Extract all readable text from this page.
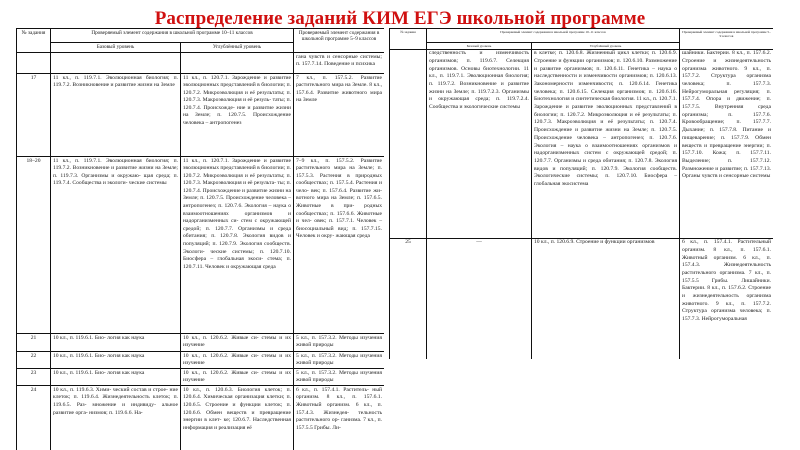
Распределение заданий КИМ ЕГЭ школьной программе
№ задания	Проверяемый элемент содержания в школьной программе 10–11 классов		Проверяемый элемент содержания в школьной программе 5–9 классов
	Базовый уровень	Углублённый уровень	
			гана чувств и сенсорные системы; п. 157.7.14. Поведение и психика
17	11 кл., п. 119.7.1. Эволюционная биология; п. 119.7.2. Возникновение и развитие жизни на Земле	11 кл., п. 120.7.1. Зарождение и развитие эволюционных представлений в биологии; п. 120.7.2. Микроэволюция и её результаты; п. 120.7.3. Макроэволюция и её резуль- таты; п. 120.7.4. Происхожде- ние и развитие жизни на Земле; п. 120.7.5. Происхождение человека – антропогенез	7 кл., п. 157.5.2. Развитие растительного мира на Земле. 8 кл., 157.6.4. Развитие животного мира на Земле
18–20	11 кл., п. 119.7.1. Эволюционная биология; п. 119.7.2. Возникновение и развитие жизни на Земле; п. 119.7.3. Организмы и окружаю- щая среда; п. 119.7.4. Сообщества и экологи- ческие системы	11 кл., п. 120.7.1. Зарождение и развитие эволюционных представлений в биологии; п. 120.7.2. Микроэволюция и её результаты; п. 120.7.3. Макроэволюция и её результа- ты; п. 120.7.4. Происхождение и развитие жизни на Земле; п. 120.7.5. Происхождение человека – антропогенез; п. 120.7.6. Экология – наука о взаимоотношениях организмов и надорганизменных си- стем с окружающей средой; п. 120.7.7. Организмы и среда обитания; п. 120.7.8. Экология видов и популяций; п. 120.7.9. Экология сообществ. Экологи- ческие системы; п. 120.7.10. Биосфера – глобальная экоси- стема; п. 120.7.11. Человек и окружающая среда	7–9 кл., п. 157.5.2. Развитие растительного мира на Земле; п. 157.5.3. Растения в природных сообществах; п. 157.5.4. Растения и чело- век; п. 157.6.4. Развитие жи- вотного мира на Земле; п. 157.6.5. Животные в при- родных сообществах; п. 157.6.6. Животные и чел- овек; п. 157.7.1. Человек – биосоциальный вид; п. 157.7.15. Человек и окру- жающая среда
21	10 кл., п. 119.6.1. Био- логия как наука	10 кл., п. 120.6.2. Живые си- стемы и их изучение	5 кл., п. 157.3.2. Методы изучения живой природы
22	10 кл., п. 119.6.1. Био- логия как наука	10 кл., п. 120.6.2. Живые си- стемы и их изучение	5 кл., п. 157.3.2. Методы изучения живой природы
23	10 кл., п. 119.6.1. Био- логия как наука	10 кл., п. 120.6.2. Живые си- стемы и их изучение	5 кл., п. 157.3.2. Методы изучения живой природы
24	10 кл., п. 119.6.3. Хими- ческий состав и строе- ние клеток; п. 119.6.4. Жизнедеятельность клеток; п. 119.6.5. Раз- множение и индивиду- альное развитие орга- низмов; п. 119.6.6. На-	10 кл., п. 120.6.3. Биология клеток; п. 120.6.4. Химическая организация клетки; п. 120.6.5. Строение и функции клеток; п. 120.6.6. Обмен веществ и превращение энергии в клет- ке; 120.6.7. Наследственная информация и реализация её	6 кл., п. 157.4.1. Раститель- ный организм. 8 кл., п. 157.6.1. Животный организм. 6 кл., п. 157.4.3. Жизнедея- тельность растительного ор- ганизма. 7 кл., п. 157.5.5 Грибы. Ли-
№ задания	Проверяемый элемент содержания в школьной программе 10–11 классов		Проверяемый элемент содержания в школьной программе 5–9 классов
	Базовый уровень	Углублённый уровень	
	следственность и изменчивость организмов; п. 119.6.7. Селекция организмов. Основы биотехнологии. 11 кл., п. 119.7.1. Эволюционная биология; п. 119.7.2. Возникновение и развитие жизни на Земле; п. 119.7.2.3. Организмы и окружающая среда; п. 119.7.2.4. Сообщества и экологические системы	в клетке; п. 120.6.8. Жизненный цикл клетки; п. 120.6.9. Строение и функции организмов; п. 120.6.10. Размножение и развитие организмов; п. 120.6.11. Генетика – наука о наследственности и изменчивости организмов; п. 120.6.13. Закономерности изменчивости; п. 120.6.14. Генетика человека; п. 120.6.15. Селекция организмов; п. 120.6.16. Биотехнология и синтетическая биология. 11 кл., п. 120.7.1. Зарождение и развитие эволюционных представлений в биологии; п. 120.7.2. Микроэволюция и её результаты; п. 120.7.3. Макроэволюция и её результаты; п. 120.7.4. Происхождение и развитие жизни на Земле; п. 120.7.5. Происхождение человека – антропогенез; п. 120.7.6. Экология – наука о взаимоотношениях организмов и надорганизменных систем с окружающей средой; п. 120.7.7. Организмы и среда обитания; п. 120.7.8. Экология видов и популяций; п. 120.7.9. Экология сообществ. Экологические системы; п. 120.7.10. Биосфера – глобальная экосистема	шайники. Бактерии. 8 кл., п. 157.6.2. Строение и жизнедеятельность организма животного. 9 кл., п. 157.7.2. Структура организма человека; п. 157.7.3. Нейрогуморальная регуляция; п. 157.7.4. Опора и движение; п. 157.7.5. Внутренняя среда организма; п. 157.7.6. Кровообращение; п. 157.7.7. Дыхание; п. 157.7.8. Питание и пищеварение; п. 157.7.9. Обмен веществ и превращение энергии; п. 157.7.10. Кожа; п. 157.7.11. Выделение; п. 157.7.12. Размножение и развитие; п. 157.7.13. Органы чувств и сенсорные системы
25	—	10 кл., п. 120.6.9. Строение и функции организмов	6 кл., п. 157.4.1. Растительный организм. 8 кл., п. 157.6.1. Животный организм. 6 кл., п. 157.4.3. Жизнедеятельность растительного организма. 7 кл., п. 157.5.5 Грибы. Лишайники. Бактерии. 8 кл., п. 157.6.2. Строение и жизнедеятельность организма животного. 9 кл., п. 157.7.2. Структура организма человека; п. 157.7.3. Нейрогуморальная
